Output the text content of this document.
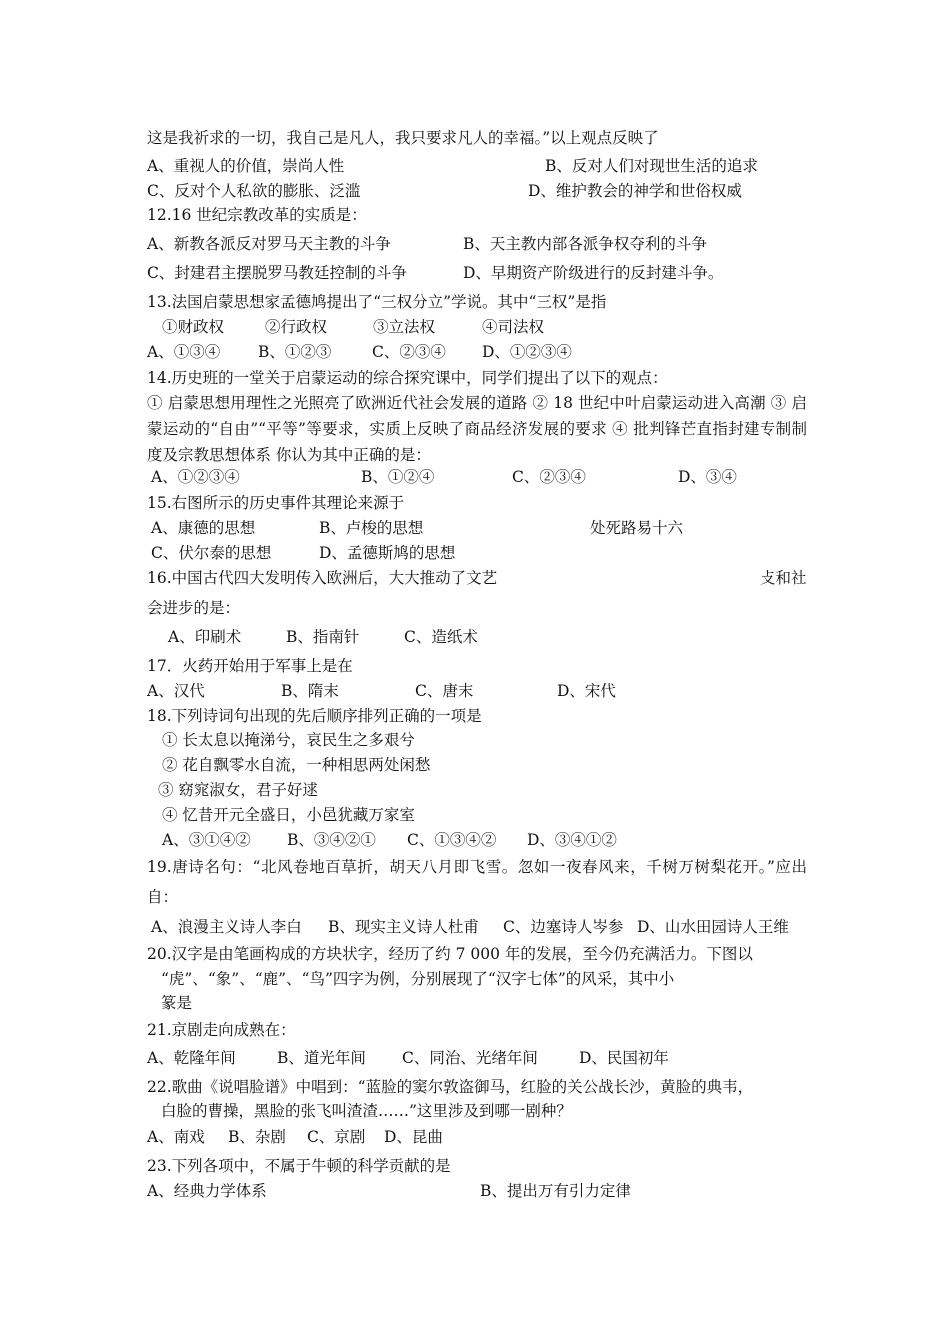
这是我祈求的一切，我自己是凡人，我只要求凡人的幸福。”以上观点反映了
A、重视人的价值，崇尚人性	B、反对人们对现世生活的追求
C、反对个人私欲的膨胀、泛滥	D、维护教会的神学和世俗权威
12.16 世纪宗教改革的实质是：
A、新教各派反对罗马天主教的斗争	B、天主教内部各派争权夺利的斗争
C、封建君主摆脱罗马教廷控制的斗争	D、早期资产阶级进行的反封建斗争。
13.法国启蒙思想家孟德鸠提出了“三权分立”学说。其中“三权”是指
①财政权	②行政权	③立法权	④司法权
A、①③④ B、①②③	C、②③④ D、①②③④
14.历史班的一堂关于启蒙运动的综合探究课中，同学们提出了以下的观点：
① 启蒙思想用理性之光照亮了欧洲近代社会发展的道路 ② 18 世纪中叶启蒙运动进入高潮 ③ 启蒙运动的“自由”“平等”等要求，实质上反映了商品经济发展的要求 ④ 批判锋芒直指封建专制制度及宗教思想体系 你认为其中正确的是：
A、①②③④	B、①②④	C、②③④	D、③④
15.右图所示的历史事件其理论来源于
A、康德的思想	B、卢梭的思想	处死路易十六
C、伏尔泰的思想	D、孟德斯鸠的思想
16.中国古代四大发明传入欧洲后，大大推动了文艺	攴和社
会进步的是：
A、印刷术	B、指南针	C、造纸术
17．火药开始用于军事上是在
A、汉代	B、隋末	C、唐末	D、宋代
18.下列诗词句出现的先后顺序排列正确的一项是
① 长太息以掩涕兮，哀民生之多艰兮
② 花自飘零水自流，一种相思两处闲愁
③ 窈窕淑女，君子好逑
④ 忆昔开元全盛日，小邑犹藏万家室
A、③①④② B、③④②① C、①③④② D、③④①②
19.唐诗名句：“北风卷地百草折，胡天八月即飞雪。忽如一夜春风来，千树万树梨花开。”应出自：
A、浪漫主义诗人李白 B、现实主义诗人杜甫 C、边塞诗人岑参 D、山水田园诗人王维
20.汉字是由笔画构成的方块状字，经历了约 7 000 年的发展，至今仍充满活力。下图以
“虎”、“象”、“鹿”、“鸟”四字为例，分别展现了“汉字七体”的风采，其中小
篆是
21.京剧走向成熟在：
A、乾隆年间	B、道光年间 C、同治、光绪年间	D、民国初年
22.歌曲《说唱脸谱》中唱到：“蓝脸的窦尔敦盗御马，红脸的关公战长沙，黄脸的典韦，
白脸的曹操，黑脸的张飞叫渣渣……”这里涉及到哪一剧种？
A、南戏 B、杂剧 C、京剧 D、昆曲
23.下列各项中，不属于牛顿的科学贡献的是
A、经典力学体系	B、提出万有引力定律
